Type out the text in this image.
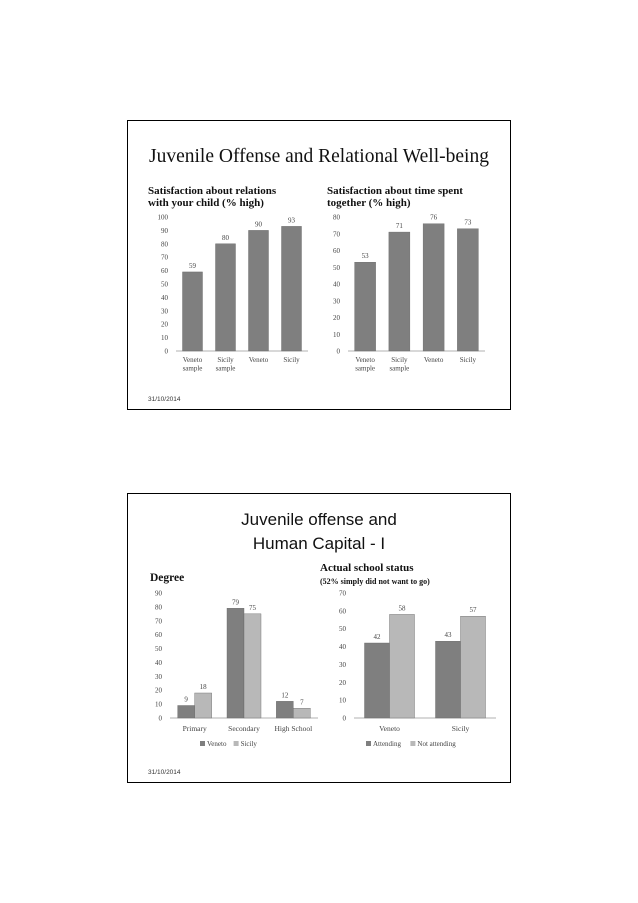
Juvenile Offense and Relational Well-being
Satisfaction about relations
with your child (% high)
Satisfaction about time spent
together (% high)
0
10
20
30
40
50
60
70
80
90
100
59
Veneto
sample
80
Sicily
sample
90
Veneto
93
Sicily
0
10
20
30
40
50
60
70
80
53
Veneto
sample
71
Sicily
sample
76
Veneto
73
Sicily
31/10/2014
Juvenile offense and
Human Capital - I
Degree
Actual school status
(52% simply did not want to go)
0
10
20
30
40
50
60
70
80
90
9
18
Primary
79
75
Secondary
12
7
High School
Veneto Sicily
0
10
20
30
40
50
60
70
42
58
Veneto
43
57
Sicily
Attending Not attending
31/10/2014
